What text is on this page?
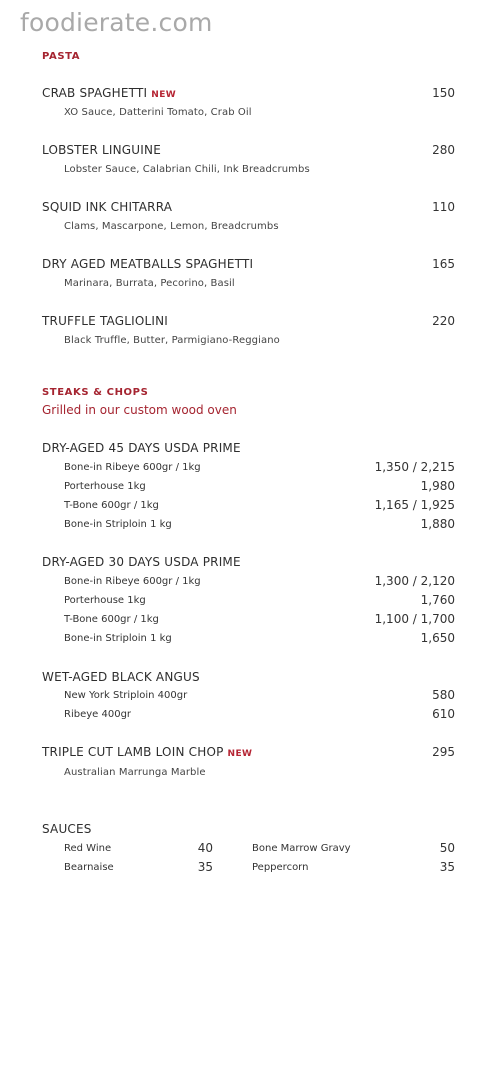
foodierate.com
PASTA
CRAB SPAGHETTI NEW	150
XO Sauce, Datterini Tomato, Crab Oil
LOBSTER LINGUINE	280
Lobster Sauce, Calabrian Chili, Ink Breadcrumbs
SQUID INK CHITARRA	110
Clams, Mascarpone, Lemon, Breadcrumbs
DRY AGED MEATBALLS SPAGHETTI	165
Marinara, Burrata, Pecorino, Basil
TRUFFLE TAGLIOLINI	220
Black Truffle, Butter, Parmigiano-Reggiano
STEAKS & CHOPS
Grilled in our custom wood oven
DRY-AGED 45 DAYS USDA PRIME
Bone-in Ribeye 600gr / 1kg	1,350 / 2,215
Porterhouse 1kg	1,980
T-Bone 600gr / 1kg	1,165 / 1,925
Bone-in Striploin 1 kg	1,880
DRY-AGED 30 DAYS USDA PRIME
Bone-in Ribeye 600gr / 1kg	1,300 / 2,120
Porterhouse 1kg	1,760
T-Bone 600gr / 1kg	1,100 / 1,700
Bone-in Striploin 1 kg	1,650
WET-AGED BLACK ANGUS
New York Striploin 400gr	580
Ribeye 400gr	610
TRIPLE CUT LAMB LOIN CHOP NEW	295
Australian Marrunga Marble
SAUCES
Red Wine	40	Bone Marrow Gravy	50
Bearnaise	35	Peppercorn	35
